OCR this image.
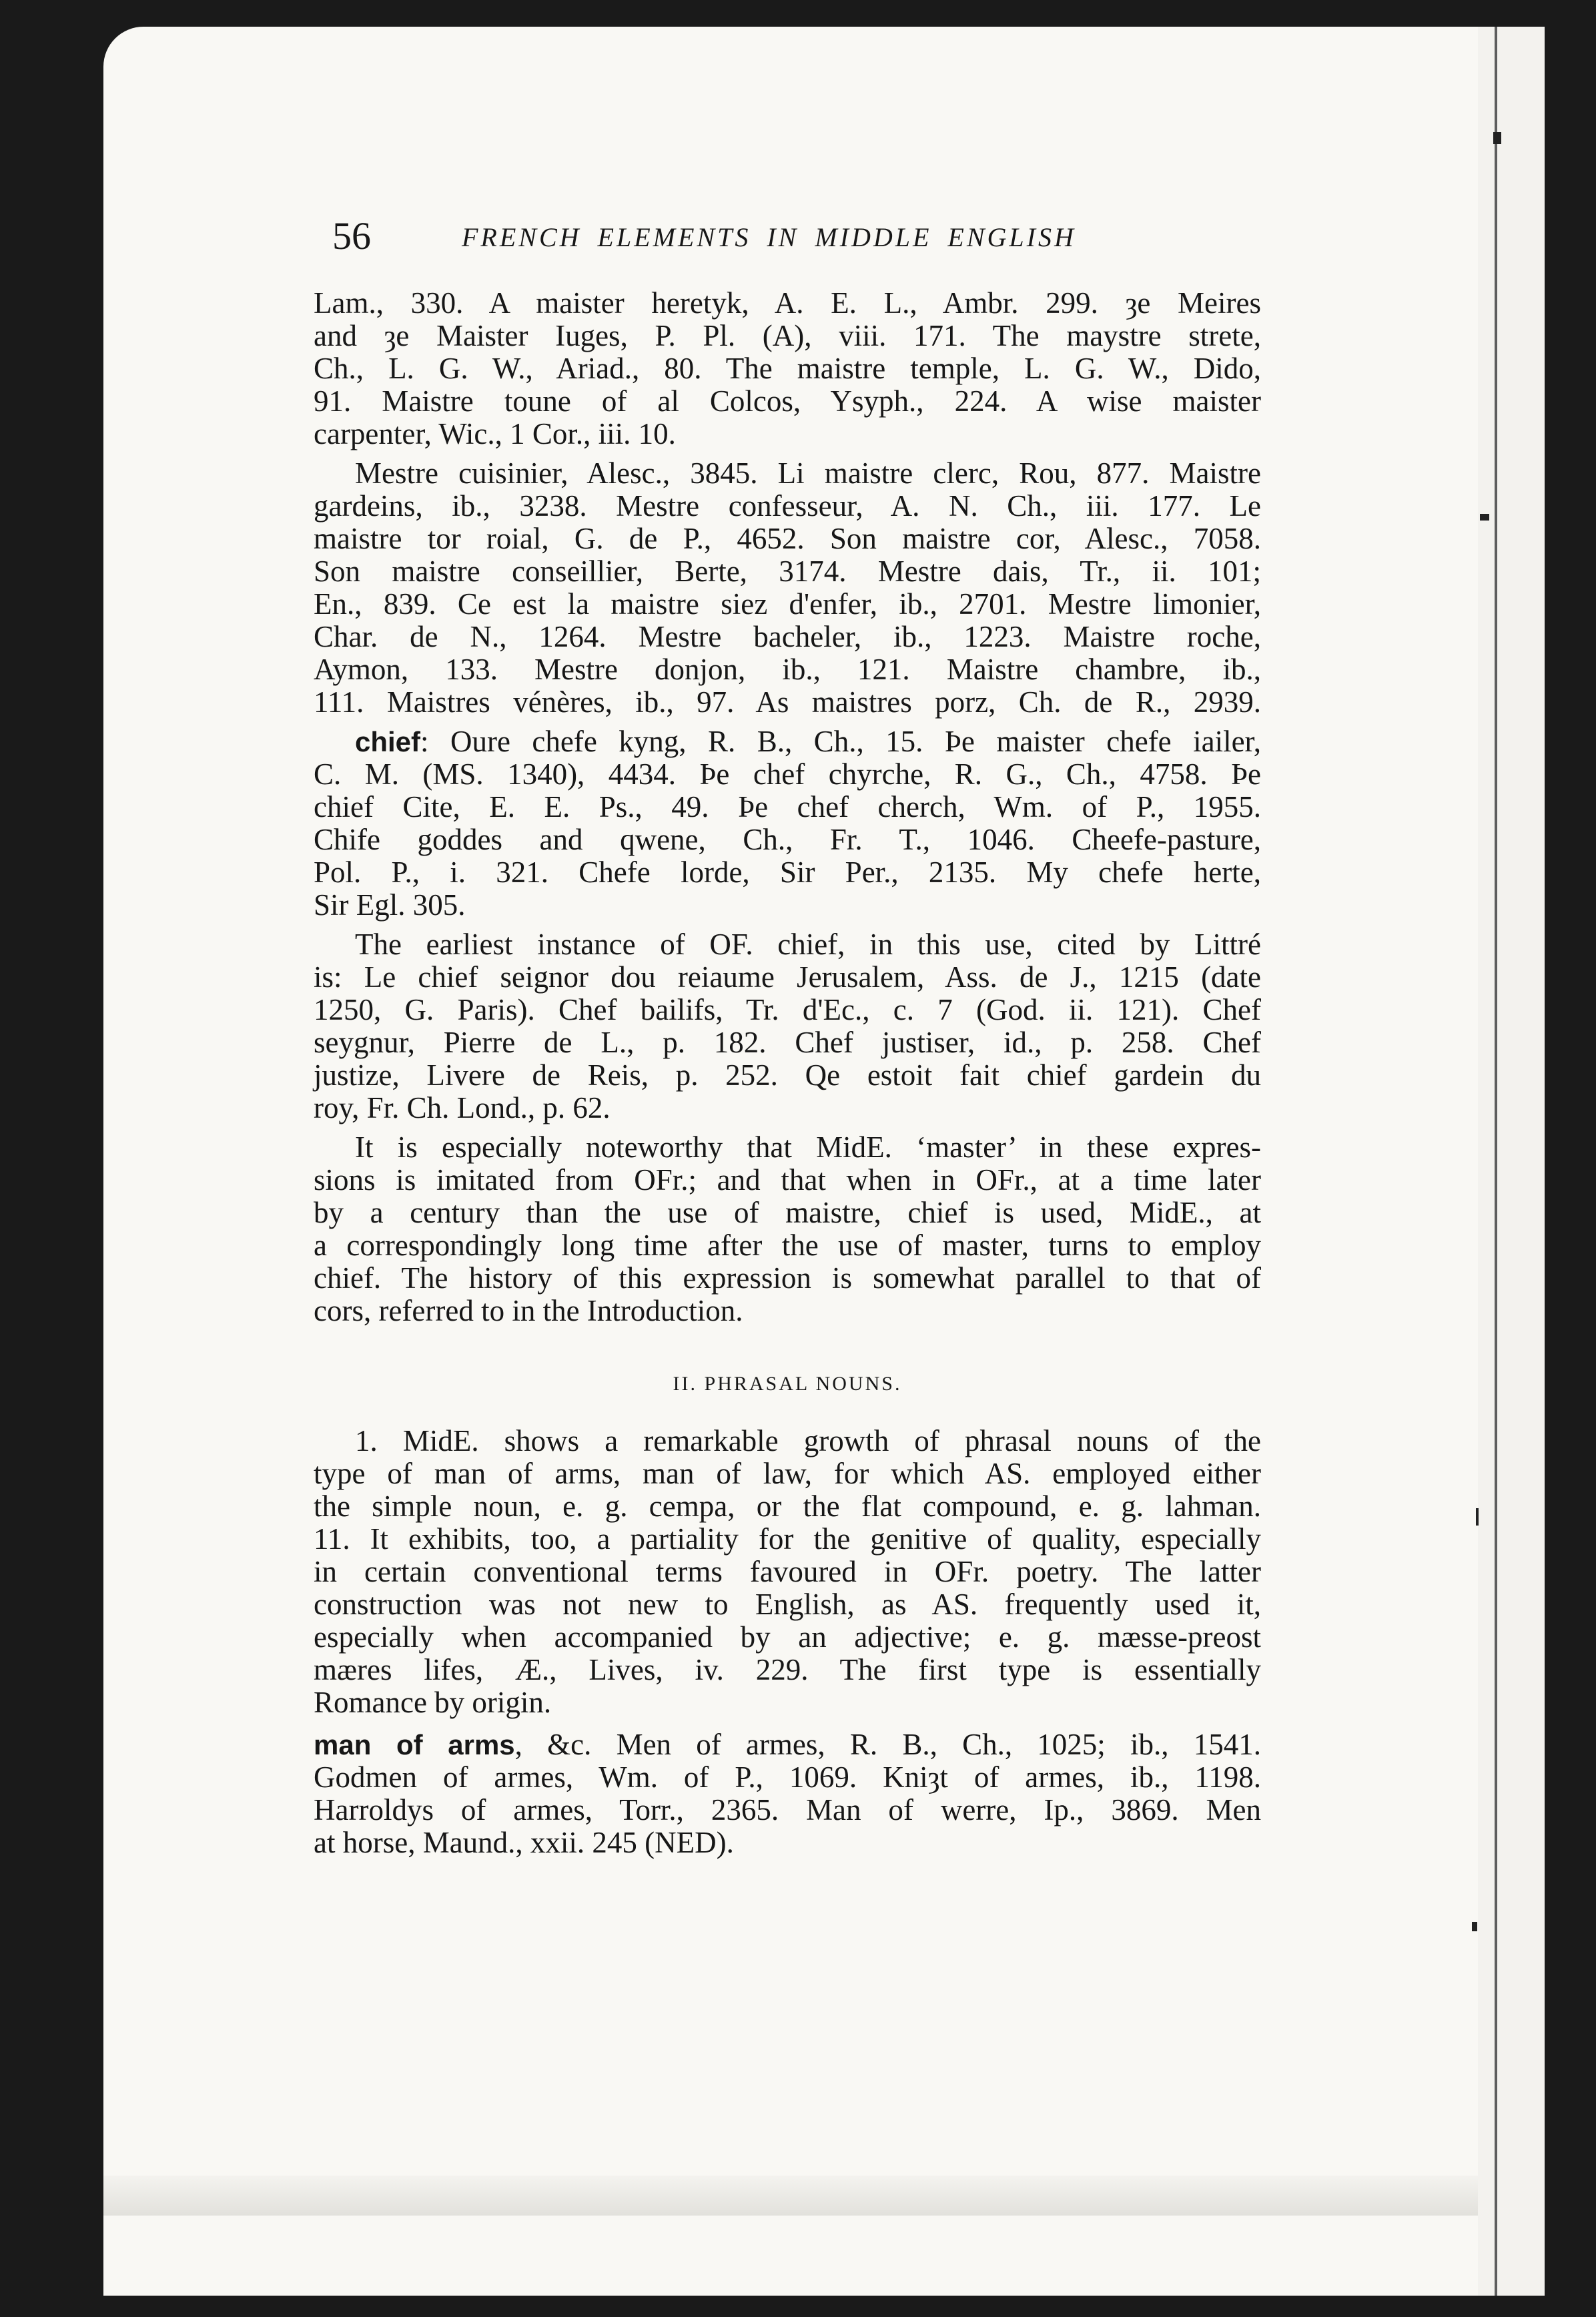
56	FRENCH ELEMENTS IN MIDDLE ENGLISH

Lam., 330. A maister heretyk, A. E. L., Ambr. 299. ȝe Meires
and ȝe Maister Iuges, P. Pl. (A), viii. 171. The maystre strete,
Ch., L. G. W., Ariad., 80. The maistre temple, L. G. W., Dido,
91. Maistre toune of al Colcos, Ysyph., 224. A wise maister
carpenter, Wic., 1 Cor., iii. 10.

Mestre cuisinier, Alesc., 3845. Li maistre clerc, Rou, 877. Maistre
gardeins, ib., 3238. Mestre confesseur, A. N. Ch., iii. 177. Le
maistre tor roial, G. de P., 4652. Son maistre cor, Alesc., 7058.
Son maistre conseillier, Berte, 3174. Mestre dais, Tr., ii. 101;
En., 839. Ce est la maistre siez d'enfer, ib., 2701. Mestre limonier,
Char. de N., 1264. Mestre bacheler, ib., 1223. Maistre roche,
Aymon, 133. Mestre donjon, ib., 121. Maistre chambre, ib.,
111. Maistres vénères, ib., 97. As maistres porz, Ch. de R., 2939.

chief: Oure chefe kyng, R. B., Ch., 15. Þe maister chefe iailer,
C. M. (MS. 1340), 4434. Þe chef chyrche, R. G., Ch., 4758. Þe
chief Cite, E. E. Ps., 49. Þe chef cherch, Wm. of P., 1955.
Chife goddes and qwene, Ch., Fr. T., 1046. Cheefe-pasture,
Pol. P., i. 321. Chefe lorde, Sir Per., 2135. My chefe herte,
Sir Egl. 305.

The earliest instance of OF. chief, in this use, cited by Littré
is: Le chief seignor dou reiaume Jerusalem, Ass. de J., 1215 (date
1250, G. Paris). Chef bailifs, Tr. d'Ec., c. 7 (God. ii. 121). Chef
seygnur, Pierre de L., p. 182. Chef justiser, id., p. 258. Chef
justize, Livere de Reis, p. 252. Qe estoit fait chief gardein du
roy, Fr. Ch. Lond., p. 62.

It is especially noteworthy that MidE. ‘master’ in these expres-
sions is imitated from OFr.; and that when in OFr., at a time later
by a century than the use of maistre, chief is used, MidE., at
a correspondingly long time after the use of master, turns to employ
chief. The history of this expression is somewhat parallel to that of
cors, referred to in the Introduction.

II. PHRASAL NOUNS.

1. MidE. shows a remarkable growth of phrasal nouns of the
type of man of arms, man of law, for which AS. employed either
the simple noun, e. g. cempa, or the flat compound, e. g. lahman.
11. It exhibits, too, a partiality for the genitive of quality, especially
in certain conventional terms favoured in OFr. poetry. The latter
construction was not new to English, as AS. frequently used it,
especially when accompanied by an adjective; e. g. mæsse-preost
mæres lifes, Æ., Lives, iv. 229. The first type is essentially
Romance by origin.

man of arms, &c. Men of armes, R. B., Ch., 1025; ib., 1541.
Godmen of armes, Wm. of P., 1069. Kniȝt of armes, ib., 1198.
Harroldys of armes, Torr., 2365. Man of werre, Ip., 3869. Men
at horse, Maund., xxii. 245 (NED).
